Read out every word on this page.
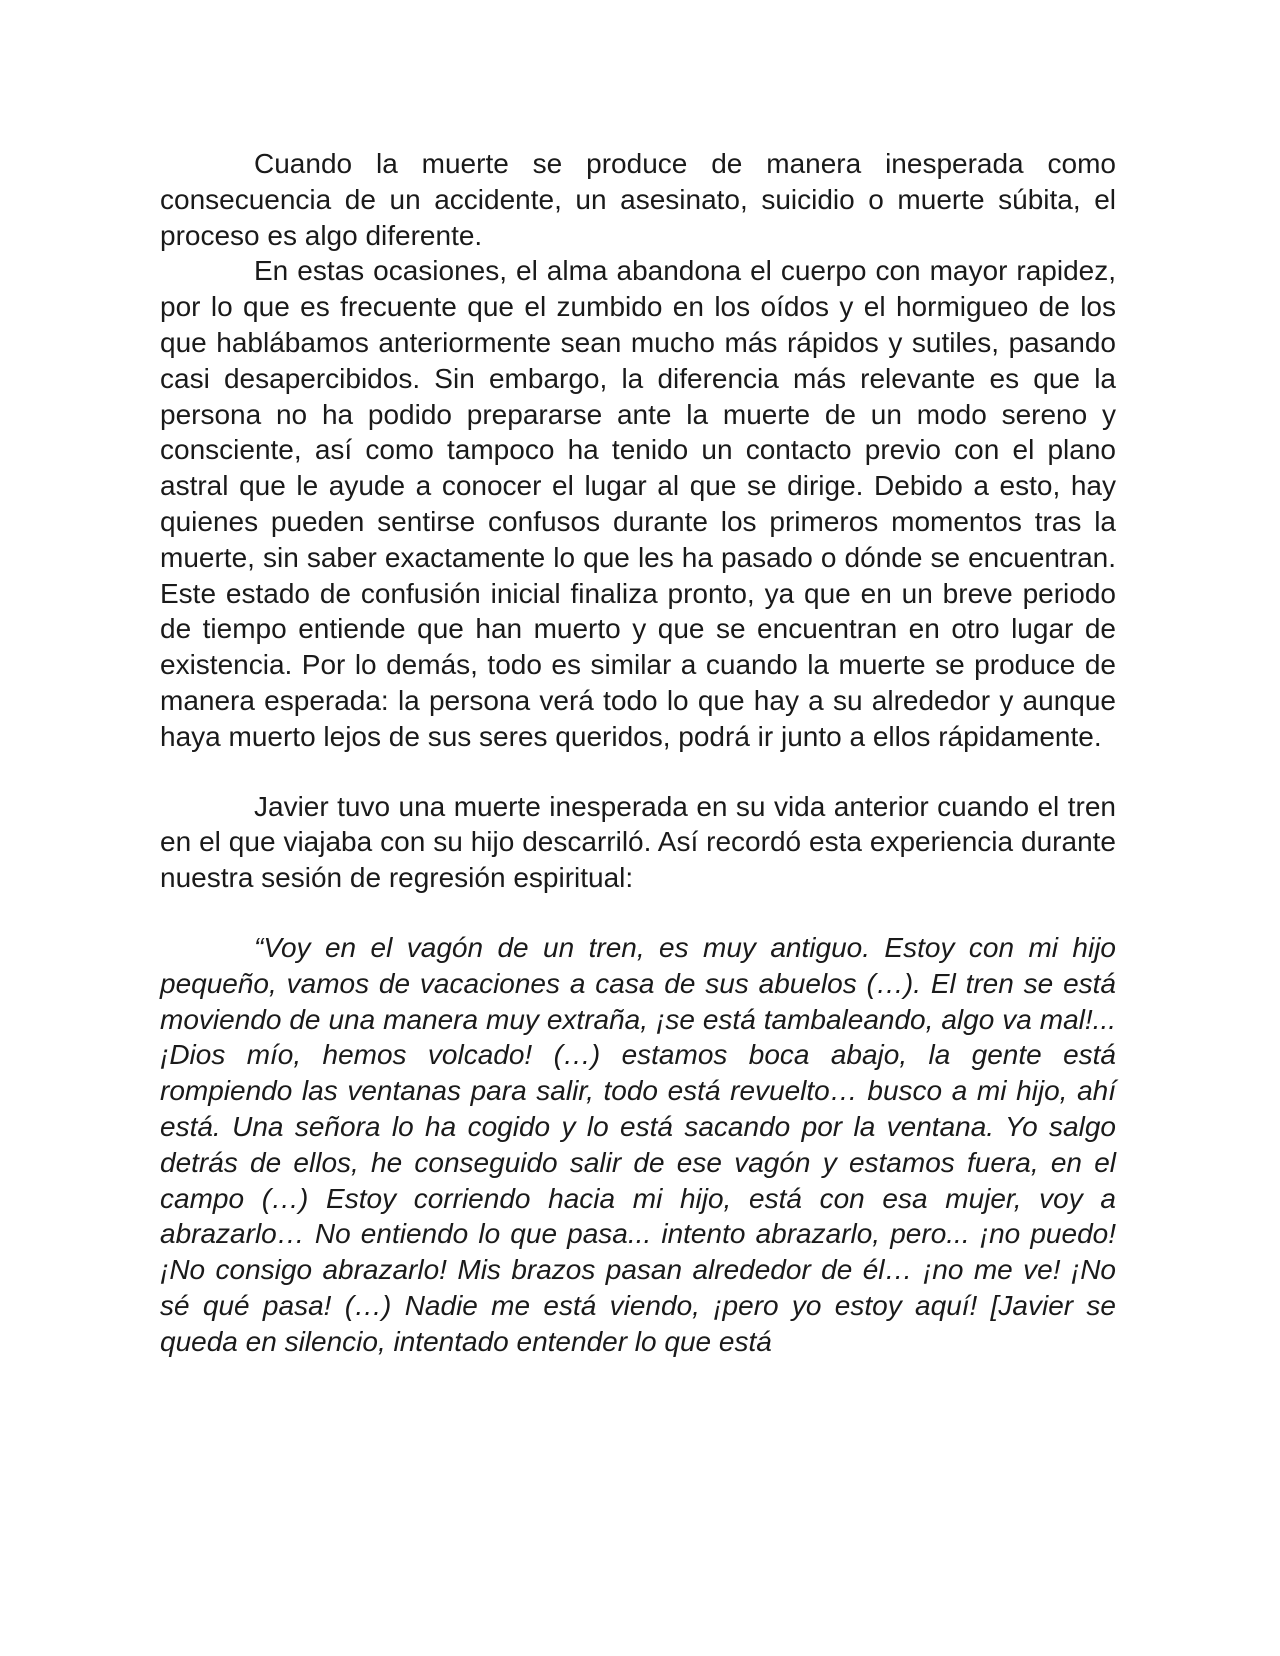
Cuando la muerte se produce de manera inesperada como consecuencia de un accidente, un asesinato, suicidio o muerte súbita, el proceso es algo diferente.

En estas ocasiones, el alma abandona el cuerpo con mayor rapidez, por lo que es frecuente que el zumbido en los oídos y el hormigueo de los que hablábamos anteriormente sean mucho más rápidos y sutiles, pasando casi desapercibidos. Sin embargo, la diferencia más relevante es que la persona no ha podido prepararse ante la muerte de un modo sereno y consciente, así como tampoco ha tenido un contacto previo con el plano astral que le ayude a conocer el lugar al que se dirige. Debido a esto, hay quienes pueden sentirse confusos durante los primeros momentos tras la muerte, sin saber exactamente lo que les ha pasado o dónde se encuentran. Este estado de confusión inicial finaliza pronto, ya que en un breve periodo de tiempo entiende que han muerto y que se encuentran en otro lugar de existencia. Por lo demás, todo es similar a cuando la muerte se produce de manera esperada: la persona verá todo lo que hay a su alrededor y aunque haya muerto lejos de sus seres queridos, podrá ir junto a ellos rápidamente.

Javier tuvo una muerte inesperada en su vida anterior cuando el tren en el que viajaba con su hijo descarriló. Así recordó esta experiencia durante nuestra sesión de regresión espiritual:

“Voy en el vagón de un tren, es muy antiguo. Estoy con mi hijo pequeño, vamos de vacaciones a casa de sus abuelos (…). El tren se está moviendo de una manera muy extraña, ¡se está tambaleando, algo va mal!... ¡Dios mío, hemos volcado! (…) estamos boca abajo, la gente está rompiendo las ventanas para salir, todo está revuelto… busco a mi hijo, ahí está. Una señora lo ha cogido y lo está sacando por la ventana. Yo salgo detrás de ellos, he conseguido salir de ese vagón y estamos fuera, en el campo (…) Estoy corriendo hacia mi hijo, está con esa mujer, voy a abrazarlo… No entiendo lo que pasa... intento abrazarlo, pero... ¡no puedo! ¡No consigo abrazarlo! Mis brazos pasan alrededor de él… ¡no me ve! ¡No sé qué pasa! (…) Nadie me está viendo, ¡pero yo estoy aquí! [Javier se queda en silencio, intentado entender lo que está
